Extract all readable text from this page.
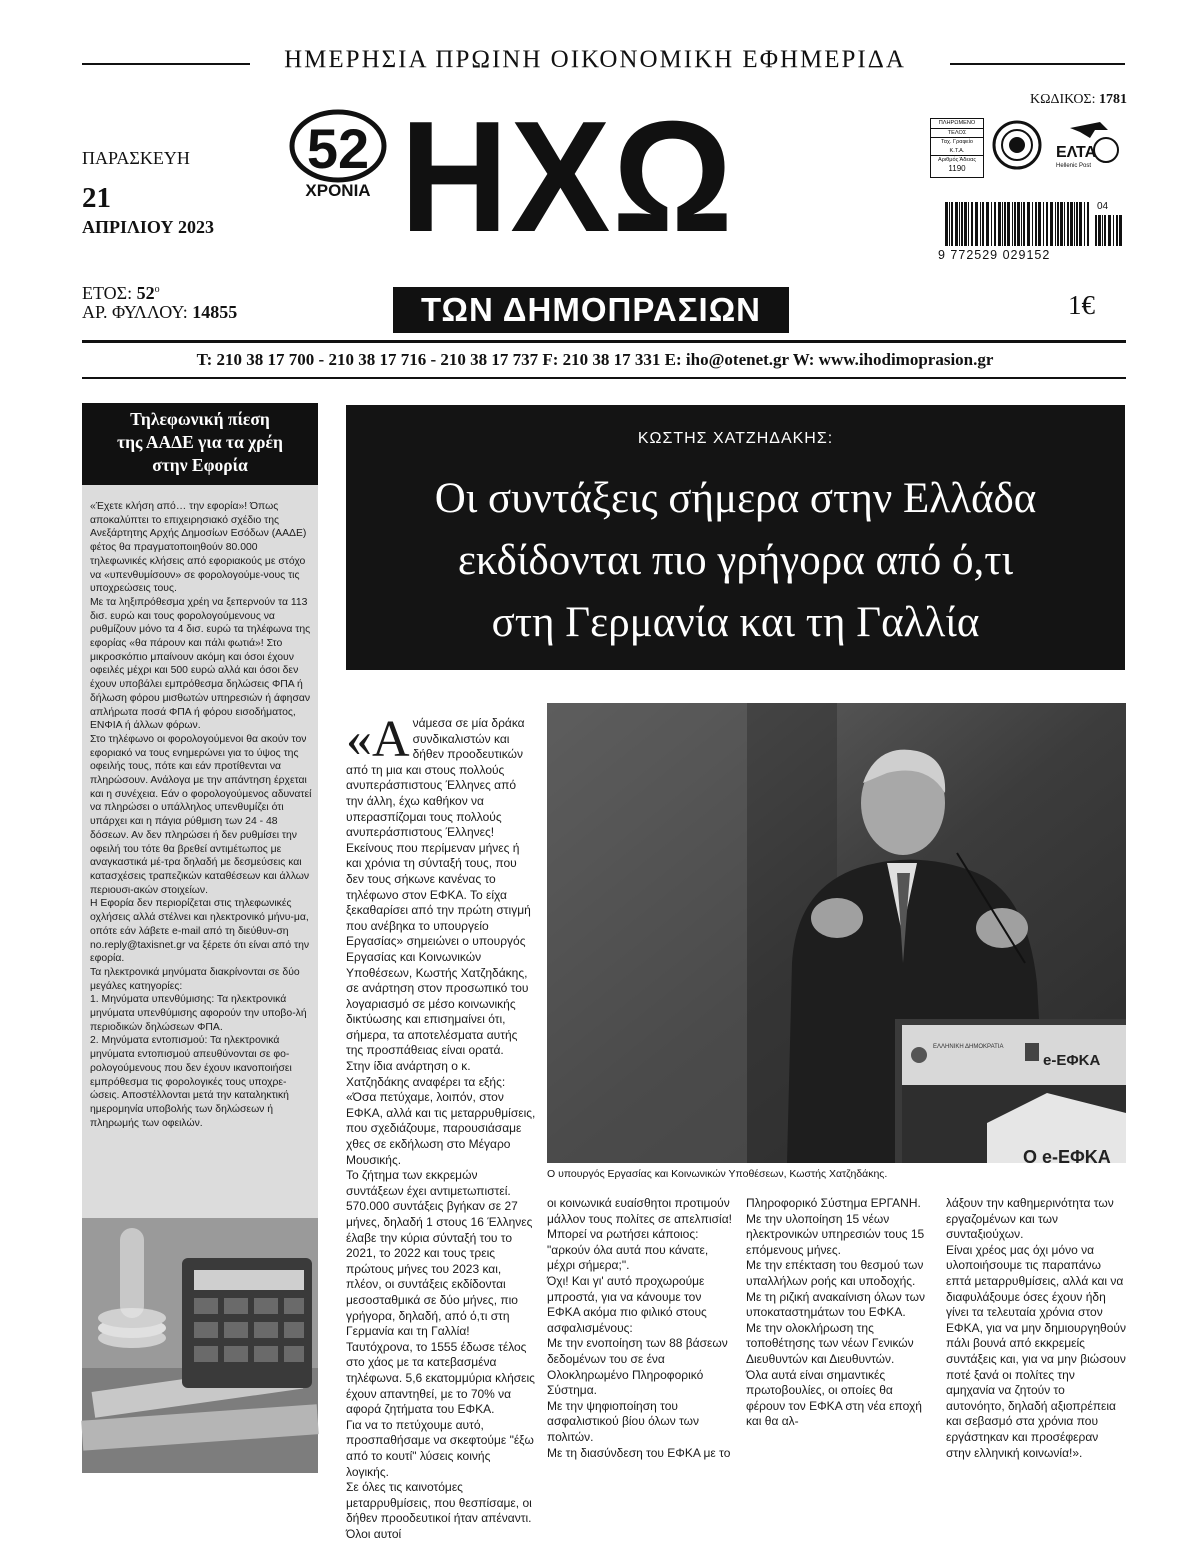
ΗΜΕΡΗΣΙΑ ΠΡΩΙΝΗ ΟΙΚΟΝΟΜΙΚΗ ΕΦΗΜΕΡΙΔΑ
ΠΑΡΑΣΚΕΥΗ
21
ΑΠΡΙΛΙΟΥ 2023
ΕΤΟΣ: $52^o$
ΑΡ. ΦΥΛΛΟΥ: 14855
52
ΧΡΟΝΙΑ ΗΧΩ
ΤΩΝ ΔΗΜΟΠΡΑΣΙΩΝ
ΚΩΔΙΚΟΣ: 1781
ΠΛΗΡΩΜΕΝΟ
ΤΕΛΟΣ
Ταχ. Γραφείο
Κ.Τ.Α.
Αριθμός Άδειας
1190
ΕΛΤΑ
Hellenic Post
04
9 772529 029152
1€
T: 210 38 17 700 - 210 38 17 716 - 210 38 17 737 F: 210 38 17 331 E: iho@otenet.gr W: www.ihodimoprasion.gr
Τηλεφωνική πίεση
της ΑΑΔΕ για τα χρέη
στην Εφορία

«Έχετε κλήση από… την εφορία»! Όπως αποκαλύπτει το επιχειρησιακό σχέδιο της Ανεξάρτητης Αρχής Δημοσίων Εσόδων (ΑΑΔΕ) φέτος θα πραγματοποιηθούν 80.000 τηλεφωνικές κλήσεις από εφοριακούς με στόχο να «υπενθυμίσουν» σε φορολογούμε-νους τις υποχρεώσεις τους.

Με τα ληξιπρόθεσμα χρέη να ξεπερνούν τα 113 δισ. ευρώ και τους φορολογούμενους να ρυθμίζουν μόνο τα 4 δισ. ευρώ τα τηλέφωνα της εφορίας «θα πάρουν και πάλι φωτιά»! Στο μικροσκόπιο μπαίνουν ακόμη και όσοι έχουν οφειλές μέχρι και 500 ευρώ αλλά και όσοι δεν έχουν υποβάλει εμπρόθεσμα δηλώσεις ΦΠΑ ή δήλωση φόρου μισθωτών υπηρεσιών ή άφησαν απλήρωτα ποσά ΦΠΑ ή φόρου εισοδήματος, ΕΝΦΙΑ ή άλλων φόρων.

Στο τηλέφωνο οι φορολογούμενοι θα ακούν τον εφοριακό να τους ενημερώνει για το ύψος της οφειλής τους, πότε και εάν προτίθενται να πληρώσουν. Ανάλογα με την απάντηση έρχεται και η συνέχεια. Εάν ο φορολογούμενος αδυνατεί να πληρώσει ο υπάλληλος υπενθυμίζει ότι υπάρχει και η πάγια ρύθμιση των 24 - 48 δόσεων. Αν δεν πληρώσει ή δεν ρυθμίσει την οφειλή του τότε θα βρεθεί αντιμέτωπος με αναγκαστικά μέ-τρα δηλαδή με δεσμεύσεις και κατασχέσεις τραπεζικών καταθέσεων και άλλων περιουσι-ακών στοιχείων.

Η Εφορία δεν περιορίζεται στις τηλεφωνικές οχλήσεις αλλά στέλνει και ηλεκτρονικό μήνυ-μα, οπότε εάν λάβετε e-mail από τη διεύθυν-ση no.reply@taxisnet.gr να ξέρετε ότι είναι από την εφορία.

Τα ηλεκτρονικά μηνύματα διακρίνονται σε δύο μεγάλες κατηγορίες:

1. Μηνύματα υπενθύμισης: Τα ηλεκτρονικά μηνύματα υπενθύμισης αφορούν την υποβο-λή περιοδικών δηλώσεων ΦΠΑ.

2. Μηνύματα εντοπισμού: Τα ηλεκτρονικά μηνύματα εντοπισμού απευθύνονται σε φο-ρολογούμενους που δεν έχουν ικανοποιήσει εμπρόθεσμα τις φορολογικές τους υποχρε-ώσεις. Αποστέλλονται μετά την καταληκτική ημερομηνία υποβολής των δηλώσεων ή πληρωμής των οφειλών.

ΚΩΣΤΗΣ ΧΑΤΖΗΔΑΚΗΣ:
Οι συντάξεις σήμερα στην Ελλάδα
εκδίδονται πιο γρήγορα από ό,τι
στη Γερμανία και τη Γαλλία
«Α νάμεσα σε μία δράκα συνδικαλιστών και δήθεν προοδευτικών από τη μια και στους πολλούς ανυπεράσπιστους Έλληνες από την άλλη, έχω καθήκον να υπερασπίζομαι τους πολλούς ανυπεράσπιστους Έλληνες! Εκείνους που περίμεναν μήνες ή και χρόνια τη σύνταξή τους, που δεν τους σήκωνε κανένας το τηλέφωνο στον ΕΦΚΑ. Το είχα ξεκαθαρίσει από την πρώτη στιγμή που ανέβηκα το υπουργείο Εργασίας» σημειώνει ο υπουργός Εργασίας και Κοινωνικών Υποθέσεων, Κωστής Χατζηδάκης, σε ανάρτηση στον προσωπικό του λογαριασμό σε μέσο κοινωνικής δικτύωσης και επισημαίνει ότι, σήμερα, τα αποτελέσματα αυτής της προσπάθειας είναι ορατά.

Στην ίδια ανάρτηση ο κ. Χατζηδάκης αναφέρει τα εξής:

«Όσα πετύχαμε, λοιπόν, στον ΕΦΚΑ, αλλά και τις μεταρρυθμίσεις, που σχεδιάζουμε, παρουσιάσαμε χθες σε εκδήλωση στο Μέγαρο Μουσικής.

Το ζήτημα των εκκρεμών συντάξεων έχει αντιμετωπιστεί. 570.000 συντάξεις βγήκαν σε 27 μήνες, δηλαδή 1 στους 16 Έλληνες έλαβε την κύρια σύνταξή του το 2021, το 2022 και τους τρεις πρώτους μήνες του 2023 και, πλέον, οι συντάξεις εκδίδονται μεσοσταθμικά σε δύο μήνες, πιο γρήγορα, δηλαδή, από ό,τι στη Γερμανία και τη Γαλλία! Ταυτόχρονα, το 1555 έδωσε τέλος στο χάος με τα κατεβασμένα τηλέφωνα. 5,6 εκατομμύρια κλήσεις έχουν απαντηθεί, με το 70% να αφορά ζητήματα του ΕΦΚΑ.

Για να το πετύχουμε αυτό, προσπαθήσαμε να σκεφτούμε "έξω από το κουτί" λύσεις κοινής λογικής.

Σε όλες τις καινοτόμες μεταρρυθμίσεις, που θεσπίσαμε, οι δήθεν προοδευτικοί ήταν απέναντι. Όλοι αυτοί

ΕΛΛΗΝΙΚΗ ΔΗΜΟΚΡΑΤΙΑ
e-ΕΦΚΑ
Ο e-ΕΦΚΑ
Ο υπουργός Εργασίας και Κοινωνικών Υποθέσεων, Κωστής Χατζηδάκης.

οι κοινωνικά ευαίσθητοι προτιμούν μάλλον τους πολίτες σε απελπισία!

Μπορεί να ρωτήσει κάποιος: "αρκούν όλα αυτά που κάνατε, μέχρι σήμερα;".

Όχι! Και γι' αυτό προχωρούμε μπροστά, για να κάνουμε τον ΕΦΚΑ ακόμα πιο φιλικό στους ασφαλισμένους:

Με την ενοποίηση των 88 βάσεων δεδομένων του σε ένα Ολοκληρωμένο Πληροφορικό Σύστημα.

Με την ψηφιοποίηση του ασφαλιστικού βίου όλων των πολιτών.

Με τη διασύνδεση του ΕΦΚΑ με το

Πληροφορικό Σύστημα ΕΡΓΑΝΗ.

Με την υλοποίηση 15 νέων ηλεκτρονικών υπηρεσιών τους 15 επόμενους μήνες.

Με την επέκταση του θεσμού των υπαλλήλων ροής και υποδοχής.

Με τη ριζική ανακαίνιση όλων των υποκαταστημάτων του ΕΦΚΑ.

Με την ολοκλήρωση της τοποθέτησης των νέων Γενικών Διευθυντών και Διευθυντών.

Όλα αυτά είναι σημαντικές πρωτοβουλίες, οι οποίες θα φέρουν τον ΕΦΚΑ στη νέα εποχή και θα αλ-

λάξουν την καθημερινότητα των εργαζομένων και των συνταξιούχων.

Είναι χρέος μας όχι μόνο να υλοποιήσουμε τις παραπάνω επτά μεταρρυθμίσεις, αλλά και να διαφυλάξουμε όσες έχουν ήδη γίνει τα τελευταία χρόνια στον ΕΦΚΑ, για να μην δημιουργηθούν πάλι βουνά από εκκρεμείς συντάξεις και, για να μην βιώσουν ποτέ ξανά οι πολίτες την αμηχανία να ζητούν το αυτονόητο, δηλαδή αξιοπρέπεια και σεβασμό στα χρόνια που εργάστηκαν και προσέφεραν στην ελληνική κοινωνία!».
